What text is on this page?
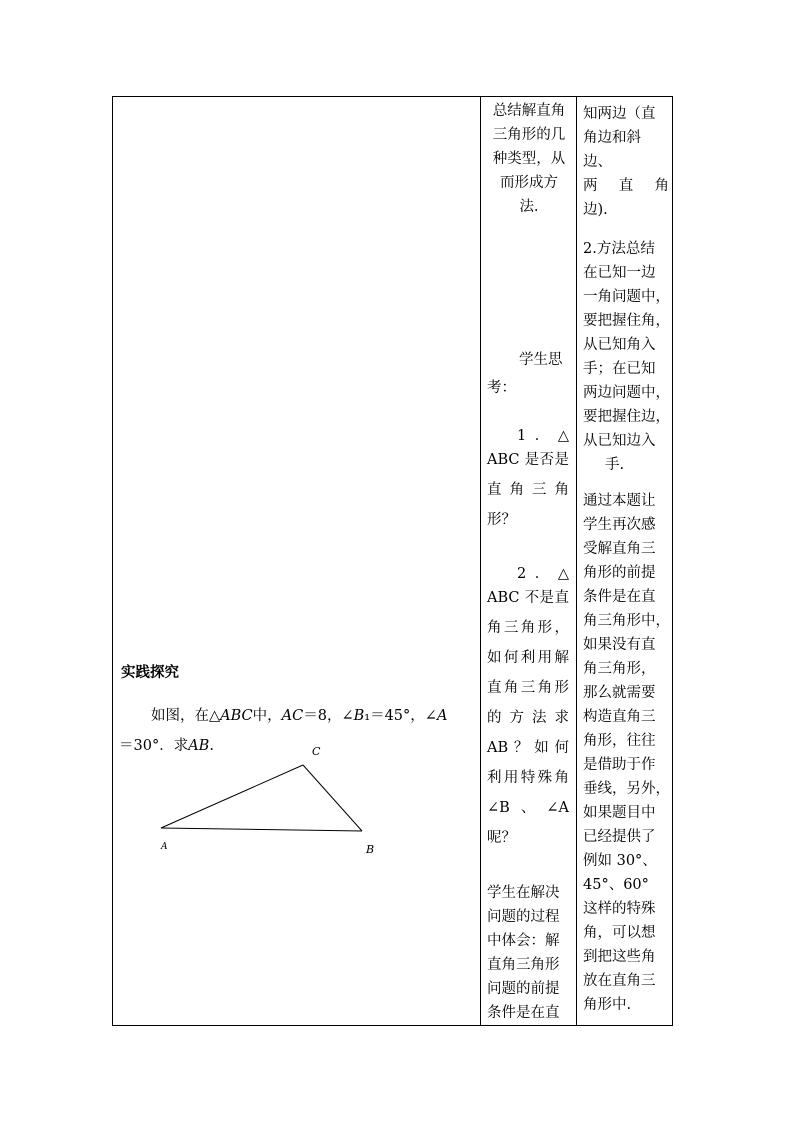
实践探究
如图，在△ABC中，AC＝8，∠B₁＝45°，∠A
＝30°．求AB.	C
A	B
总结解直角
三角形的几
种类型，从
而形成方
法.
学生思
考：
1．△
ABC 是否是
直角三角
形？
2．△
ABC 不是直
角三角形，
如何利用解
直角三角形
的方法求
AB？如何
利用特殊角
∠B、∠A
呢？
学生在解决
问题的过程
中体会：解
直角三角形
问题的前提
条件是在直
知两边（直
角边和斜边、
两直角
边).
2.方法总结
在已知一边
一角问题中，
要把握住角，
从已知角入
手；在已知
两边问题中，
要把握住边，
从已知边入
手.
通过本题让
学生再次感
受解直角三
角形的前提
条件是在直
角三角形中，
如果没有直
角三角形，
那么就需要
构造直角三
角形，往往
是借助于作
垂线，另外，
如果题目中
已经提供了
例如 30°、
45°、60°
这样的特殊
角，可以想
到把这些角
放在直角三
角形中.
